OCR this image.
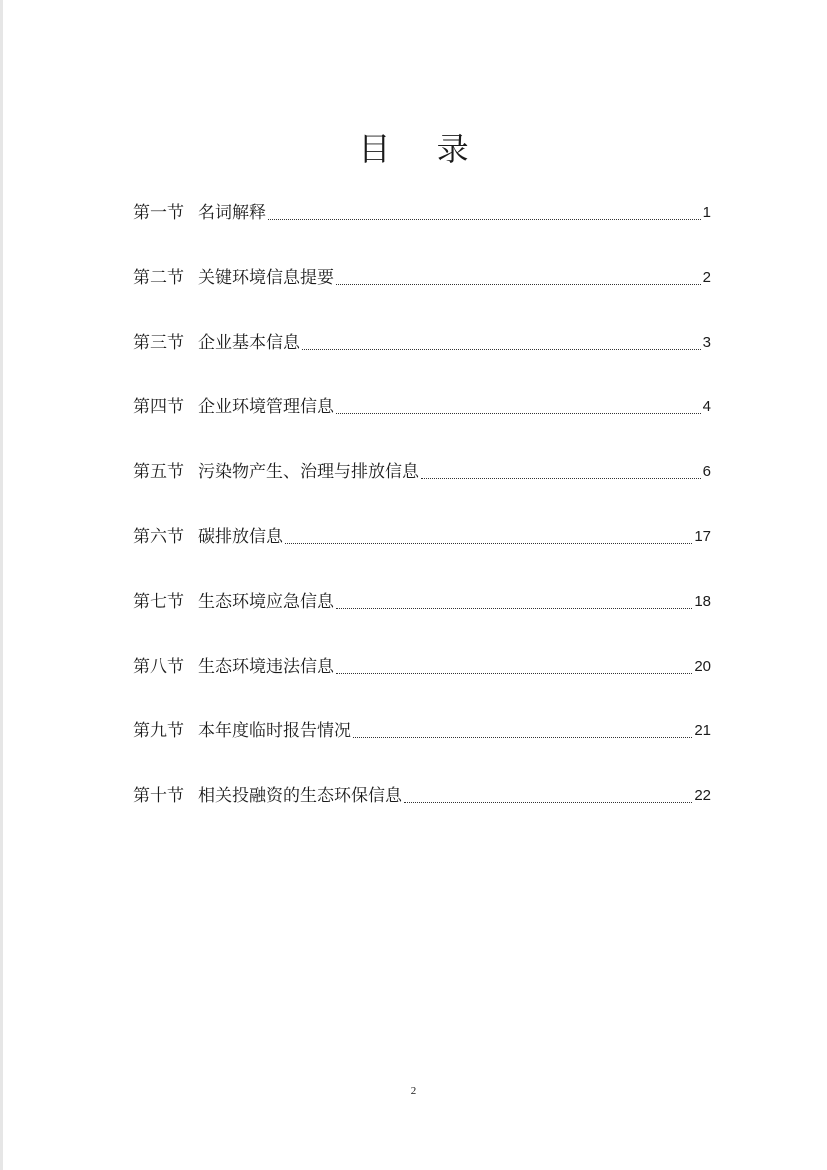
目 录
第一节 名词解释	1
第二节 关键环境信息提要	2
第三节 企业基本信息	3
第四节 企业环境管理信息	4
第五节 污染物产生、治理与排放信息	6
第六节 碳排放信息	17
第七节 生态环境应急信息	18
第八节 生态环境违法信息	20
第九节 本年度临时报告情况	21
第十节 相关投融资的生态环保信息	22
2
